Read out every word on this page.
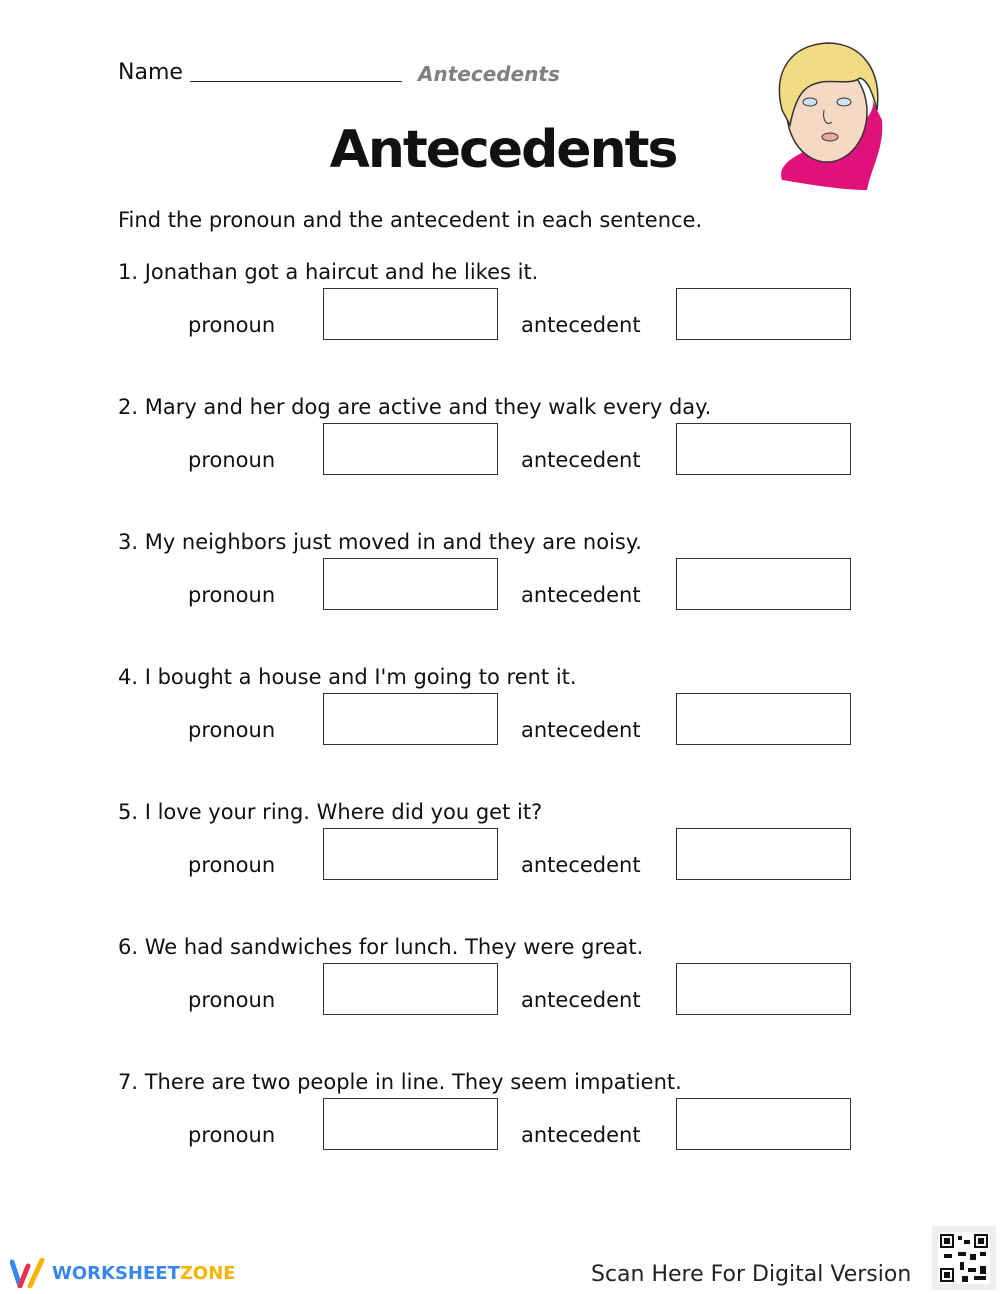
Name	Antecedents
Antecedents
Find the pronoun and the antecedent in each sentence.
1. Jonathan got a haircut and he likes it.
pronoun	antecedent
2. Mary and her dog are active and they walk every day.
pronoun	antecedent
3. My neighbors just moved in and they are noisy.
pronoun	antecedent
4. I bought a house and I'm going to rent it.
pronoun	antecedent
5. I love your ring. Where did you get it?
pronoun	antecedent
6. We had sandwiches for lunch. They were great.
pronoun	antecedent
7. There are two people in line. They seem impatient.
pronoun	antecedent
WORKSHEETZONE	Scan Here For Digital Version
